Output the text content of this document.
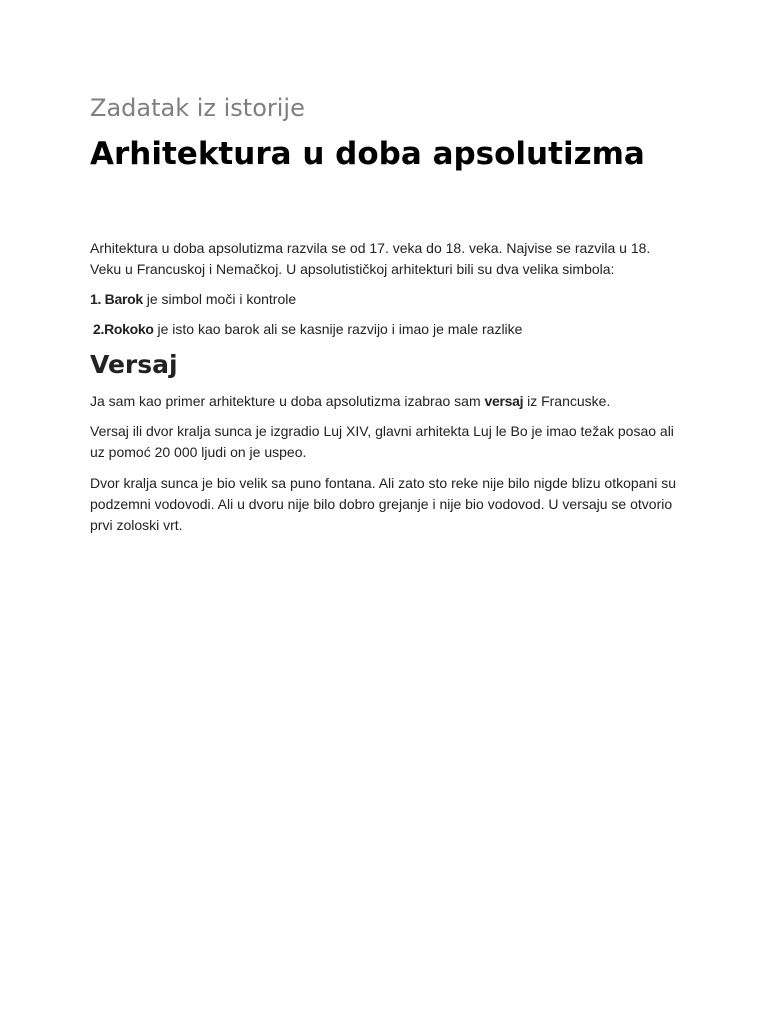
Zadatak iz istorije
Arhitektura u doba apsolutizma

Arhitektura u doba apsolutizma razvila se od 17. veka do 18. veka. Najvise se razvila u 18. Veku u Francuskoj i Nemačkoj. U apsolutističkoj arhitekturi bili su dva velika simbola:

1. Barok je simbol moči i kontrole

2.Rokoko je isto kao barok ali se kasnije razvijo i imao je male razlike

Versaj

Ja sam kao primer arhitekture u doba apsolutizma izabrao sam versaj iz Francuske.

Versaj ili dvor kralja sunca je izgradio Luj XIV, glavni arhitekta Luj le Bo je imao težak posao ali uz pomoć 20 000 ljudi on je uspeo.

Dvor kralja sunca je bio velik sa puno fontana. Ali zato sto reke nije bilo nigde blizu otkopani su podzemni vodovodi. Ali u dvoru nije bilo dobro grejanje i nije bio vodovod. U versaju se otvorio prvi zoloski vrt.
